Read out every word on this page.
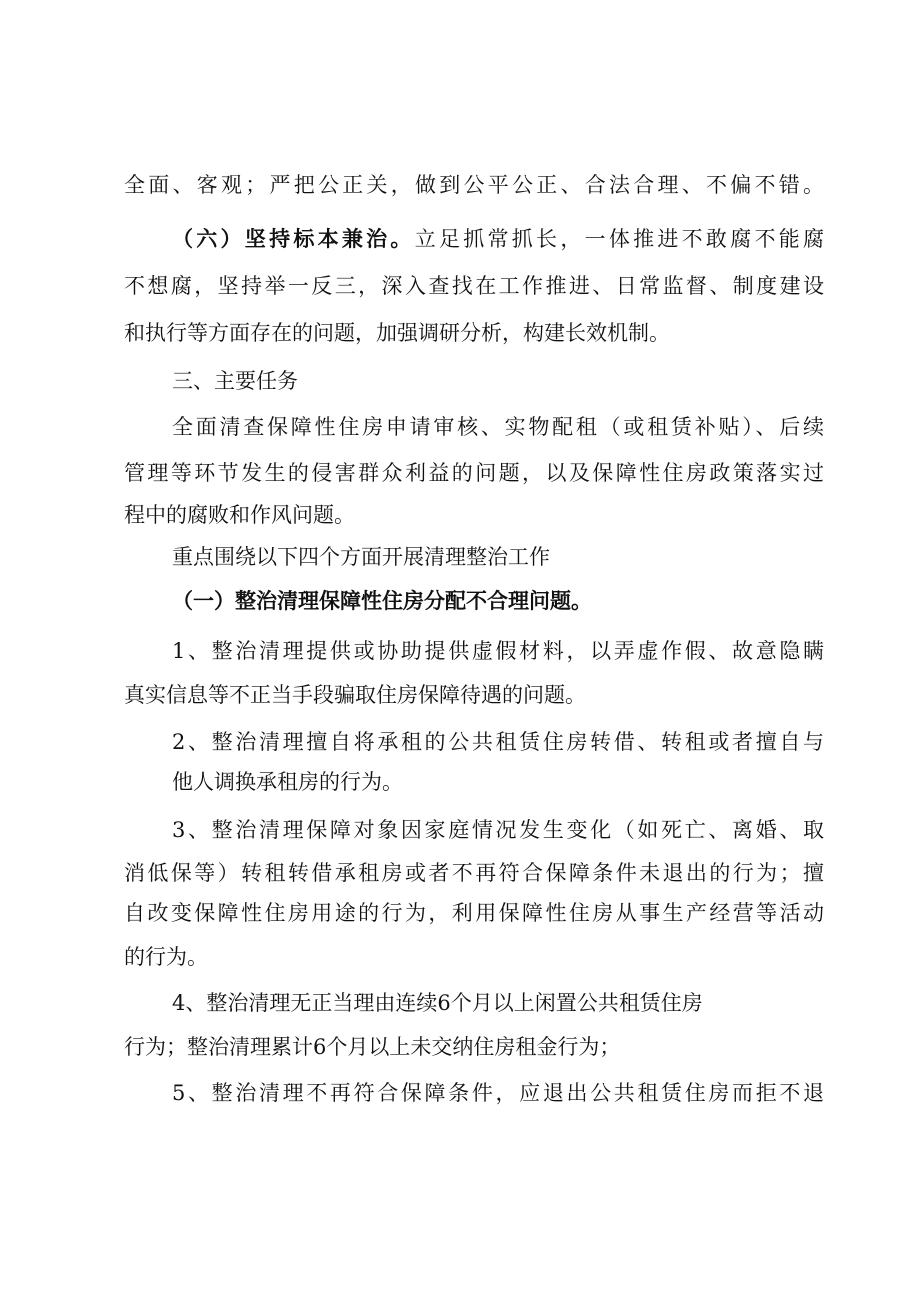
全面、客观；严把公正关，做到公平公正、合法合理、不偏不错。
（六）坚持标本兼治。立足抓常抓长，一体推进不敢腐不能腐
不想腐，坚持举一反三，深入查找在工作推进、日常监督、制度建设
和执行等方面存在的问题，加强调研分析，构建长效机制。
三、主要任务
全面清查保障性住房申请审核、实物配租（或租赁补贴）、后续
管理等环节发生的侵害群众利益的问题，以及保障性住房政策落实过
程中的腐败和作风问题。
重点围绕以下四个方面开展清理整治工作
（一）整治清理保障性住房分配不合理问题。
1、整治清理提供或协助提供虚假材料，以弄虚作假、故意隐瞒
真实信息等不正当手段骗取住房保障待遇的问题。
2、整治清理擅自将承租的公共租赁住房转借、转租或者擅自与
他人调换承租房的行为。
3、整治清理保障对象因家庭情况发生变化（如死亡、离婚、取
消低保等）转租转借承租房或者不再符合保障条件未退出的行为；擅
自改变保障性住房用途的行为，利用保障性住房从事生产经营等活动
的行为。
4、整治清理无正当理由连续6个月以上闲置公共租赁住房
行为；整治清理累计6个月以上未交纳住房租金行为；
5、整治清理不再符合保障条件，应退出公共租赁住房而拒不退
